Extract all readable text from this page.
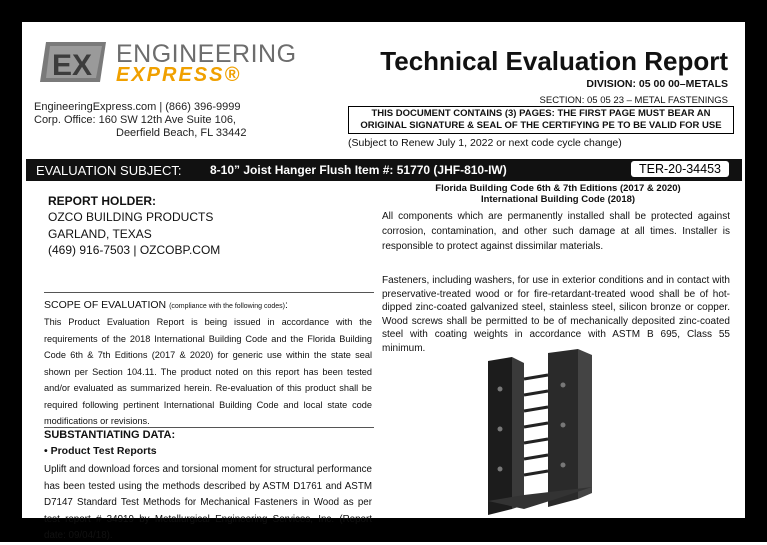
EX ENGINEERING
EXPRESS®
EngineeringExpress.com | (866) 396-9999
Corp. Office: 160 SW 12th Ave Suite 106,
Deerfield Beach, FL 33442
Technical Evaluation Report
DIVISION: 05 00 00–METALS
SECTION: 05 05 23 – METAL FASTENINGS
THIS DOCUMENT CONTAINS (3) PAGES: THE FIRST PAGE MUST BEAR AN
ORIGINAL SIGNATURE & SEAL OF THE CERTIFYING PE TO BE VALID FOR USE
(Subject to Renew July 1, 2022 or next code cycle change)
EVALUATION SUBJECT: 8-10” Joist Hanger Flush Item #: 51770 (JHF-810-IW)	TER-20-34453
REPORT HOLDER:
OZCO BUILDING PRODUCTS
GARLAND, TEXAS
(469) 916-7503 | OZCOBP.COM
SCOPE OF EVALUATION (compliance with the following codes):
This Product Evaluation Report is being issued in accordance with the requirements of the 2018 International Building Code and the Florida Building Code 6th & 7th Editions (2017 & 2020) for generic use within the state seal shown per Section 104.11. The product noted on this report has been tested and/or evaluated as summarized herein. Re-evaluation of this product shall be required following pertinent International Building Code and local state code modifications or revisions.
SUBSTANTIATING DATA:
• Product Test Reports
Uplift and download forces and torsional moment for structural performance has been tested using the methods described by ASTM D1761 and ASTM D7147 Standard Test Methods for Mechanical Fasteners in Wood as per test report # 34919 by Metallurgical Engineering Services, Inc. (Report date: 09/04/18).
Florida Building Code 6th & 7th Editions (2017 & 2020)
International Building Code (2018)
All components which are permanently installed shall be protected against corrosion, contamination, and other such damage at all times. Installer is responsible to protect against dissimilar materials.
Fasteners, including washers, for use in exterior conditions and in contact with preservative-treated wood or for fire-retardant-treated wood shall be of hot-dipped zinc-coated galvanized steel, stainless steel, silicon bronze or copper. Wood screws shall be permitted to be of mechanically deposited zinc-coated steel with coating weights in accordance with ASTM B 695, Class 55 minimum.
